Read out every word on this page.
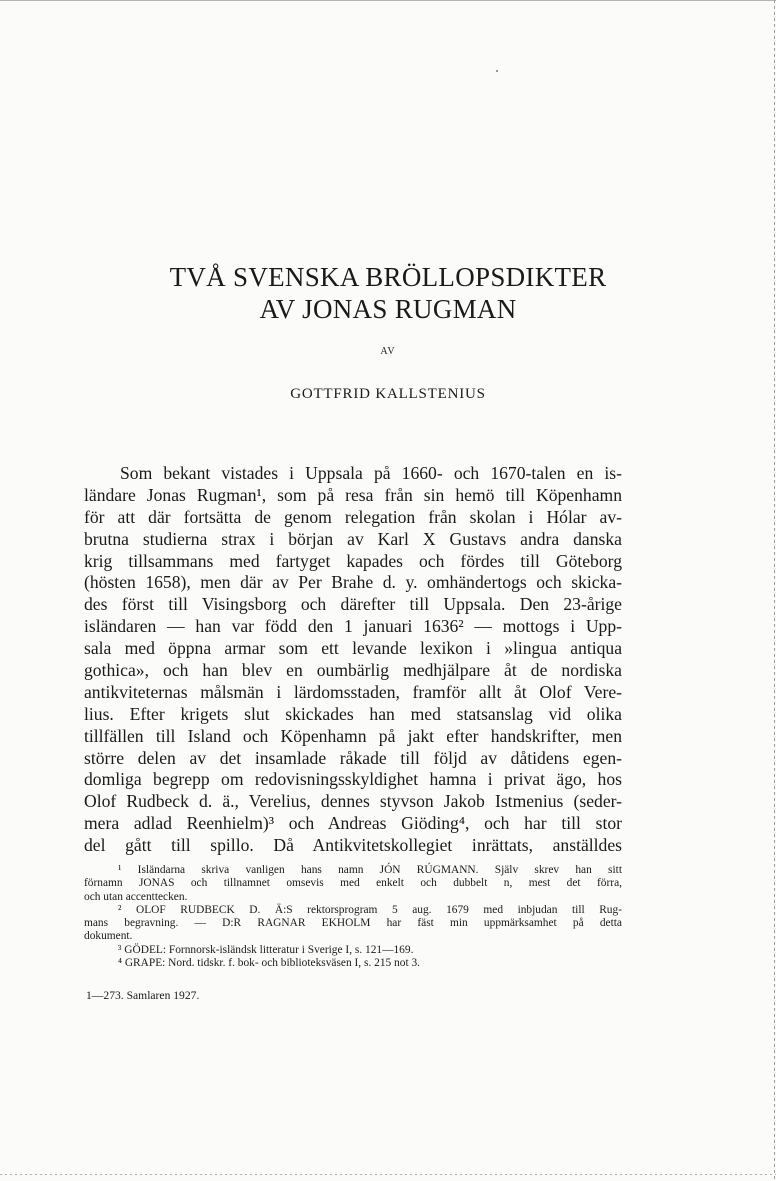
TVÅ SVENSKA BRÖLLOPSDIKTER
AV JONAS RUGMAN
AV
GOTTFRID KALLSTENIUS
Som bekant vistades i Uppsala på 1660- och 1670-talen en is-
ländare Jonas Rugman¹, som på resa från sin hemö till Köpenhamn
för att där fortsätta de genom relegation från skolan i Hólar av-
brutna studierna strax i början av Karl X Gustavs andra danska
krig tillsammans med fartyget kapades och fördes till Göteborg
(hösten 1658), men där av Per Brahe d. y. omhändertogs och skicka-
des först till Visingsborg och därefter till Uppsala. Den 23-årige
isländaren — han var född den 1 januari 1636² — mottogs i Upp-
sala med öppna armar som ett levande lexikon i »lingua antiqua
gothica», och han blev en oumbärlig medhjälpare åt de nordiska
antikviteternas målsmän i lärdomsstaden, framför allt åt Olof Vere-
lius. Efter krigets slut skickades han med statsanslag vid olika
tillfällen till Island och Köpenhamn på jakt efter handskrifter, men
större delen av det insamlade råkade till följd av dåtidens egen-
domliga begrepp om redovisningsskyldighet hamna i privat ägo, hos
Olof Rudbeck d. ä., Verelius, dennes styvson Jakob Istmenius (seder-
mera adlad Reenhielm)³ och Andreas Giöding⁴, och har till stor
del gått till spillo. Då Antikvitetskollegiet inrättats, anställdes
¹ Isländarna skriva vanligen hans namn JÓN RÚGMANN. Själv skrev han sitt
förnamn JONAS och tillnamnet omsevis med enkelt och dubbelt n, mest det förra,
och utan accenttecken.
² OLOF RUDBECK D. Ä:S rektorsprogram 5 aug. 1679 med inbjudan till Rug-
mans begravning. — D:R RAGNAR EKHOLM har fäst min uppmärksamhet på detta
dokument.
³ GÖDEL: Fornnorsk-isländsk litteratur i Sverige I, s. 121—169.
⁴ GRAPE: Nord. tidskr. f. bok- och biblioteksväsen I, s. 215 not 3.
1—273. Samlaren 1927.
